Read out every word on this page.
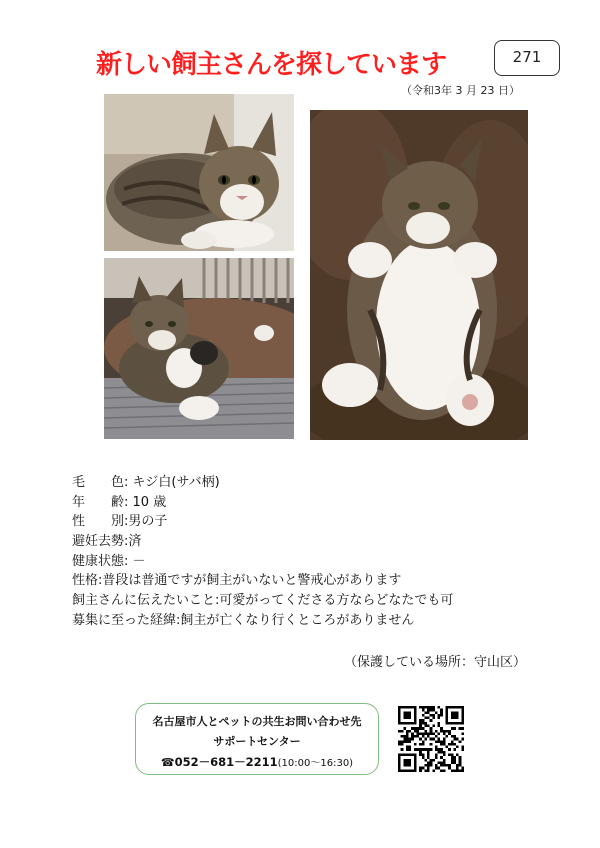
新しい飼主さんを探しています	271
（令和3年 3 月 23 日）
毛 色 : キジ白(サバ柄)
年 齢 : 10 歳
性 別 :男の子
避妊去勢:済
健康状態: －
性格:普段は普通ですが飼主がいないと警戒心があります
飼主さんに伝えたいこと:可愛がってくださる方ならどなたでも可
募集に至った経緯:飼主が亡くなり行くところがありません
（保護している場所：守山区）
名古屋市人とペットの共生お問い合わせ先
サポートセンター
☎052－681－2211(10:00～16:30)
